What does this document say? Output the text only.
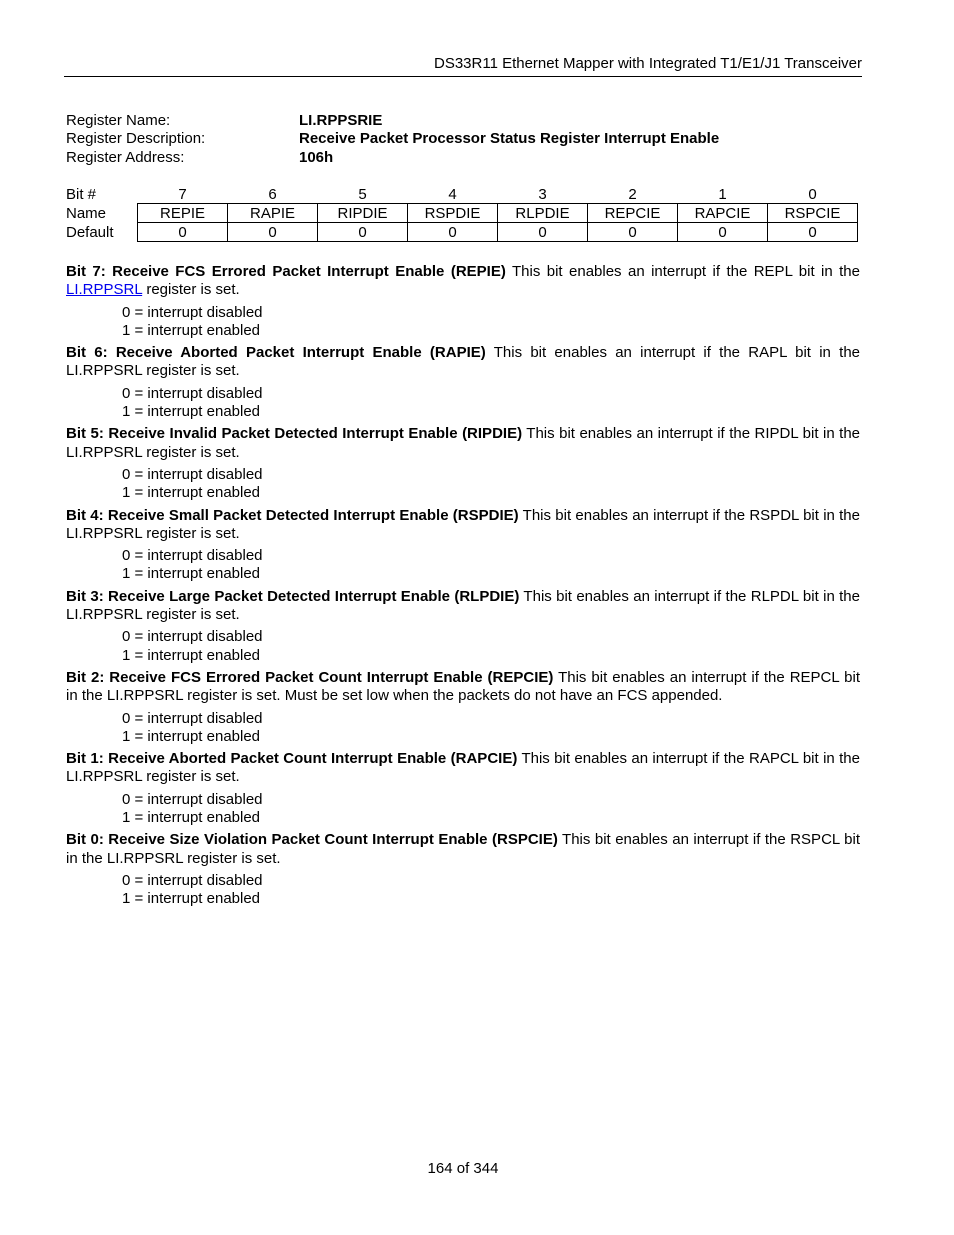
DS33R11 Ethernet Mapper with Integrated T1/E1/J1 Transceiver
Register Name:	LI.RPPSRIE
Register Description:	Receive Packet Processor Status Register Interrupt Enable
Register Address:	106h
Bit #	7	6	5	4	3	2	1	0
Name	REPIE	RAPIE	RIPDIE	RSPDIE	RLPDIE	REPCIE	RAPCIE	RSPCIE
Default	0	0	0	0	0	0	0	0

Bit 7: Receive FCS Errored Packet Interrupt Enable (REPIE) This bit enables an interrupt if the REPL bit in the LI.RPPSRL register is set.

0 = interrupt disabled
1 = interrupt enabled

Bit 6: Receive Aborted Packet Interrupt Enable (RAPIE) This bit enables an interrupt if the RAPL bit in the LI.RPPSRL register is set.

0 = interrupt disabled
1 = interrupt enabled

Bit 5: Receive Invalid Packet Detected Interrupt Enable (RIPDIE) This bit enables an interrupt if the RIPDL bit in the LI.RPPSRL register is set.

0 = interrupt disabled
1 = interrupt enabled

Bit 4: Receive Small Packet Detected Interrupt Enable (RSPDIE) This bit enables an interrupt if the RSPDL bit in the LI.RPPSRL register is set.

0 = interrupt disabled
1 = interrupt enabled

Bit 3: Receive Large Packet Detected Interrupt Enable (RLPDIE) This bit enables an interrupt if the RLPDL bit in the LI.RPPSRL register is set.

0 = interrupt disabled
1 = interrupt enabled

Bit 2: Receive FCS Errored Packet Count Interrupt Enable (REPCIE) This bit enables an interrupt if the REPCL bit in the LI.RPPSRL register is set. Must be set low when the packets do not have an FCS appended.

0 = interrupt disabled
1 = interrupt enabled

Bit 1: Receive Aborted Packet Count Interrupt Enable (RAPCIE) This bit enables an interrupt if the RAPCL bit in the LI.RPPSRL register is set.

0 = interrupt disabled
1 = interrupt enabled

Bit 0: Receive Size Violation Packet Count Interrupt Enable (RSPCIE) This bit enables an interrupt if the RSPCL bit in the LI.RPPSRL register is set.

0 = interrupt disabled
1 = interrupt enabled
164 of 344
